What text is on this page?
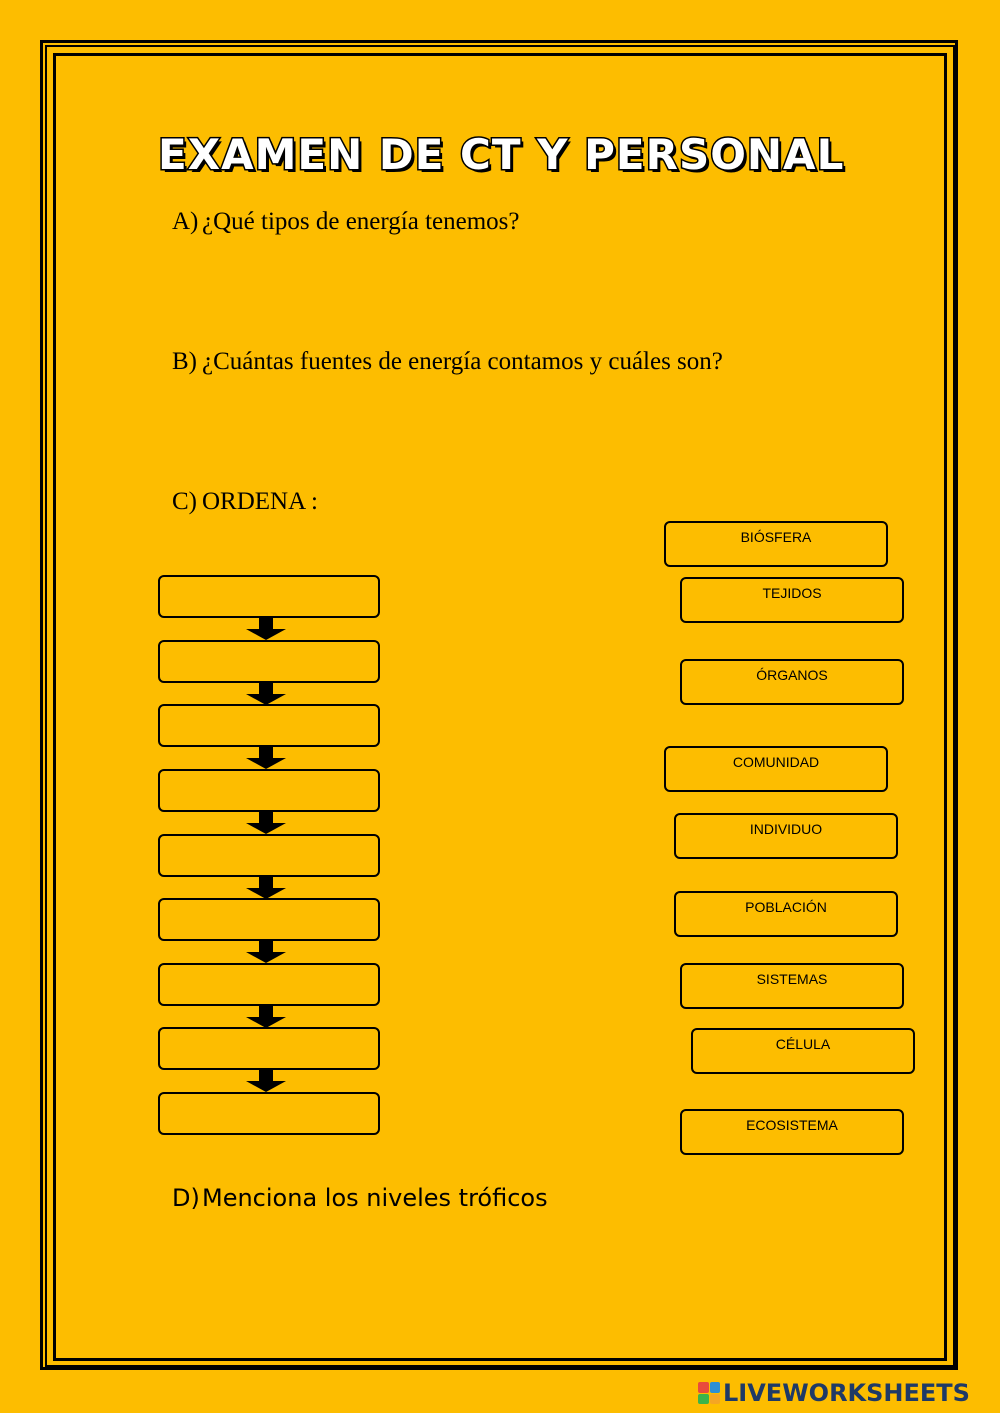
EXAMEN DE CT Y PERSONAL
A) ¿Qué tipos de energía tenemos?
B) ¿Cuántas fuentes de energía contamos y cuáles son?
C) ORDENA :
BIÓSFERA
TEJIDOS
ÓRGANOS
COMUNIDAD
INDIVIDUO
POBLACIÓN
SISTEMAS
CÉLULA
ECOSISTEMA
D)Menciona los niveles tróficos
LIVEWORKSHEETS
